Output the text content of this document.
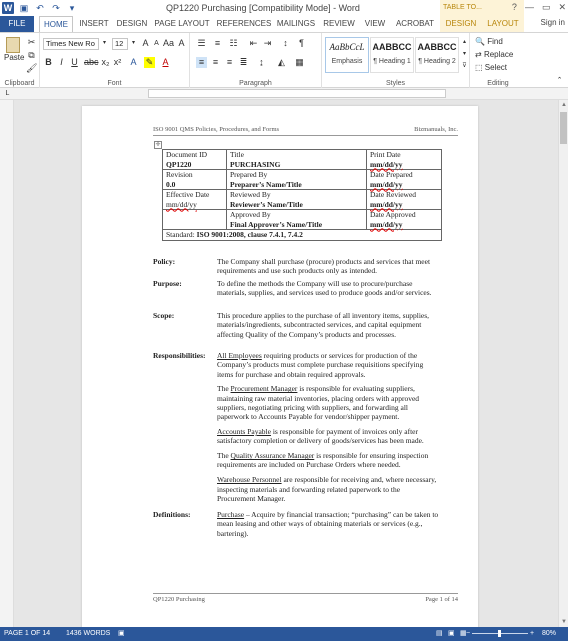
W ▣ ↶ ↷	▾	QP1220 Purchasing [Compatibility Mode] - Word	TABLE TO...	? — ▭ ✕
FILE	HOME	INSERT	DESIGN PAGE LAYOUT REFERENCES MAILINGS REVIEW	VIEW	ACROBAT	DESIGN	LAYOUT	Sign in
Paste
✂
⧉
🖌
Clipboard
Times New Ro	▾	12	▾ A A Aa A
B I U abc x₂ x² A ✎ A
Font
☰	≡	☷ ⇤ ⇥	↕	¶
≡ ≡ ≡ ≣	↨	◭ ▦
Paragraph
AaBbCcL
Emphasis
AABBCC
¶ Heading 1
AABBCC
¶ Heading 2
▴
▾
⊽
Styles
🔍 Find
⇄ Replace
⬚ Select
Editing	⌃
L
ISO 9001 QMS Policies, Procedures, and Forms	Bizmanuals, Inc.
✛
Document ID
QP1220	Title
PURCHASING	Print Date
mm/dd/yy

Revision
0.0	Prepared By
Preparer’s Name/Title	Date Prepared
mm/dd/yy

Effective Date
mm/dd/yy	Reviewed By
Reviewer’s Name/Title	Date Reviewed
mm/dd/yy

	Approved By
Final Approver’s Name/Title	Date Approved
mm/dd/yy
Standard: ISO 9001:2008, clause 7.4.1, 7.4.2		
Policy:	The Company shall purchase (procure) products and services that meet requirements and use such products only as intended.

Purpose:	To define the methods the Company will use to procure/purchase materials, supplies, and services used to produce goods and/or services.

Scope:	This procedure applies to the purchase of all inventory items, supplies, materials/ingredients, subcontracted services, and capital equipment affecting Quality of the Company’s products and processes.

Responsibilities:	All Employees requiring products or services for production of the Company’s products must complete purchase requisitions specifying items for purchase and obtain required approvals.

The Procurement Manager is responsible for evaluating suppliers, maintaining raw material inventories, placing orders with approved suppliers, negotiating pricing with suppliers, and forwarding all paperwork to Accounts Payable for vendor/shipper payment.

Accounts Payable is responsible for payment of invoices only after satisfactory completion or delivery of goods/services has been made.

The Quality Assurance Manager is responsible for ensuring inspection requirements are included on Purchase Orders where needed.

Warehouse Personnel are responsible for receiving and, where necessary, inspecting materials and forwarding related paperwork to the Procurement Manager.

Definitions:	Purchase – Acquire by financial transaction; “purchasing” can be taken to mean leasing and other ways of obtaining materials or services (e.g., bartering).

QP1220 Purchasing	Page 1 of 14
▲
▼
PAGE 1 OF 14 1436 WORDS ▣	▤ ▣ ▦ −	+ 80%
